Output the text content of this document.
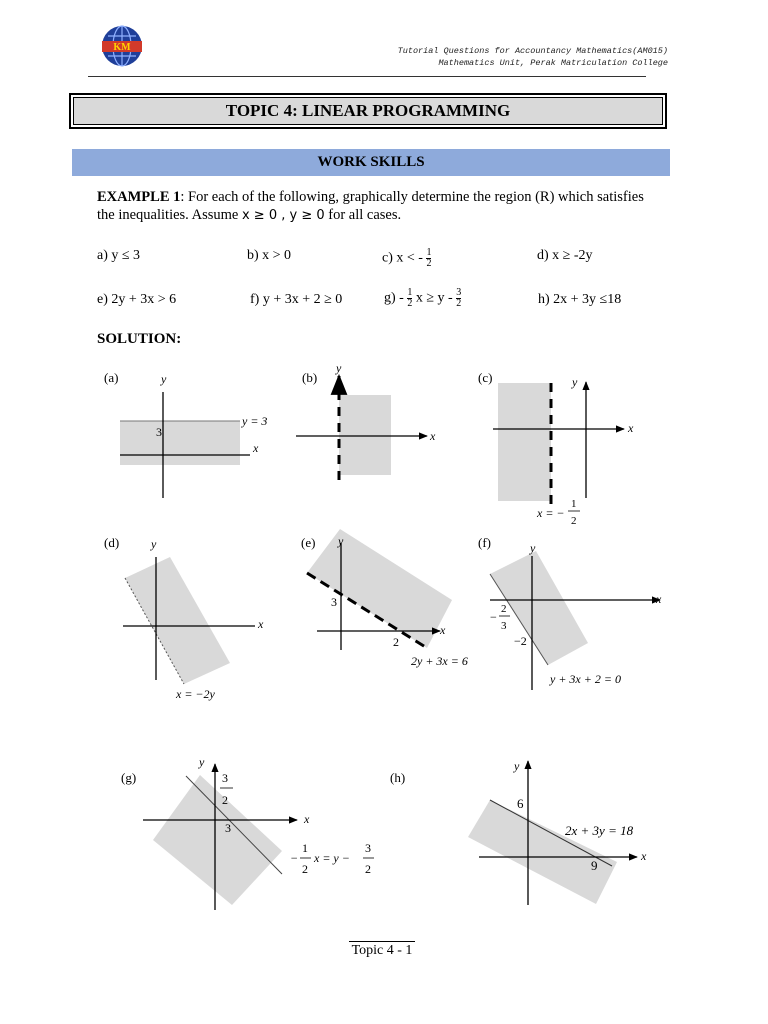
KM	Tutorial Questions for Accountancy Mathematics(AM015)
Mathematics Unit, Perak Matriculation College
TOPIC 4: LINEAR PROGRAMMING
WORK SKILLS
EXAMPLE 1: For each of the following, graphically determine the region (R) which satisfies
the inequalities. Assume x ≥ 0 , y ≥ 0 for all cases.
a) y ≤ 3	b) x > 0	c) x < - $\frac{1}{2}$	d) x ≥ -2y
e) 2y + 3x > 6	f) y + 3x + 2 ≥ 0	$g) - \frac{1}{2}$ $x \ge y - \frac{3}{2}$	h) 2x + 3y ≤18
SOLUTION:
(a)	y
x
y = 3
3
(b)
y
x
(c)	y
x
x = −
1
2
(d)	y
x
x = −2y
(e) y
x
3
2
2y + 3x = 6
(f)	y
x
−
2
3
−2
y + 3x + 2 = 0
(g)
y
x
3
2
3
−
1
2
x = y −
3
2
(h)
y
x
6
9
2x + 3y = 18
Topic 4 - 1
